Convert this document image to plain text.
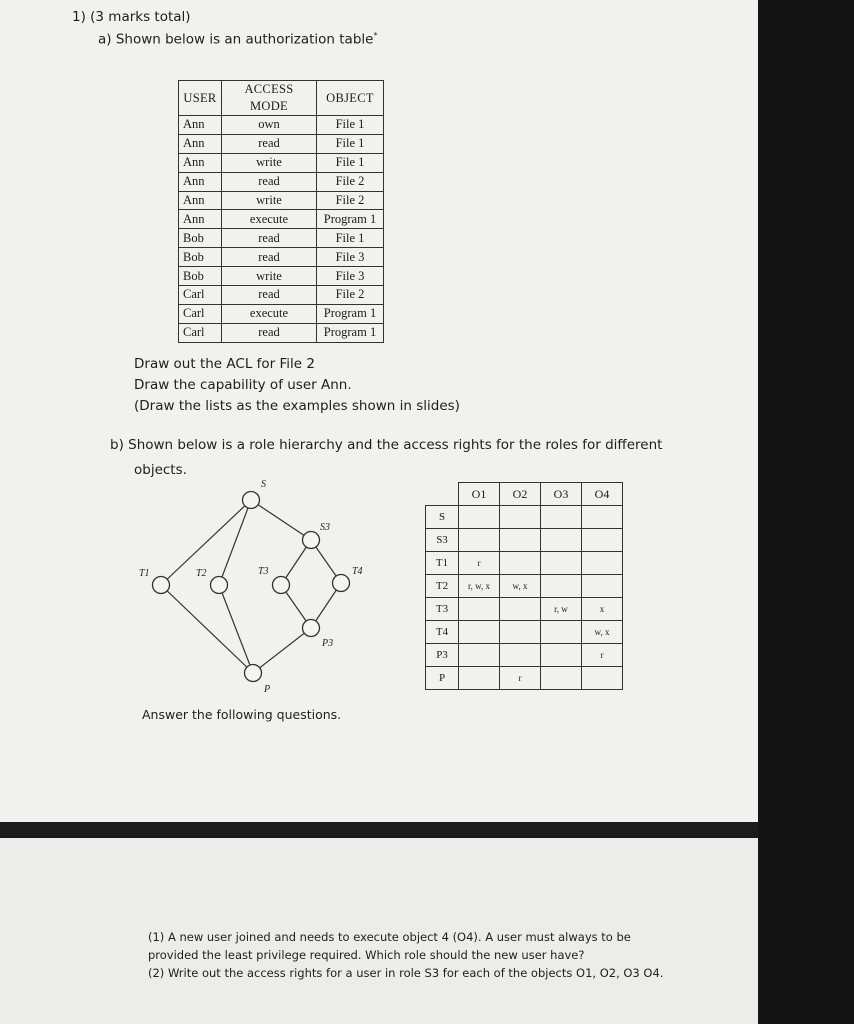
1) (3 marks total)
a) Shown below is an authorization table*
USER	ACCESS MODE	OBJECT
Ann	own	File 1
Ann	read	File 1
Ann	write	File 1
Ann	read	File 2
Ann	write	File 2
Ann	execute	Program 1
Bob	read	File 1
Bob	read	File 3
Bob	write	File 3
Carl	read	File 2
Carl	execute	Program 1
Carl	read	Program 1
Draw out the ACL for File 2
Draw the capability of user Ann.
(Draw the lists as the examples shown in slides)
b) Shown below is a role hierarchy and the access rights for the roles for different
objects.
S
S3
T1	T2	T3	T4
P3
P
	O1	O2	O3	O4
S				
S3				
T1	r			
T2	r, w, x	w, x		
T3			r, w	x
T4				w, x
P3				r
P		r		
Answer the following questions.
(1) A new user joined and needs to execute object 4 (O4). A user must always to be
provided the least privilege required. Which role should the new user have?
(2) Write out the access rights for a user in role S3 for each of the objects O1, O2, O3 O4.
